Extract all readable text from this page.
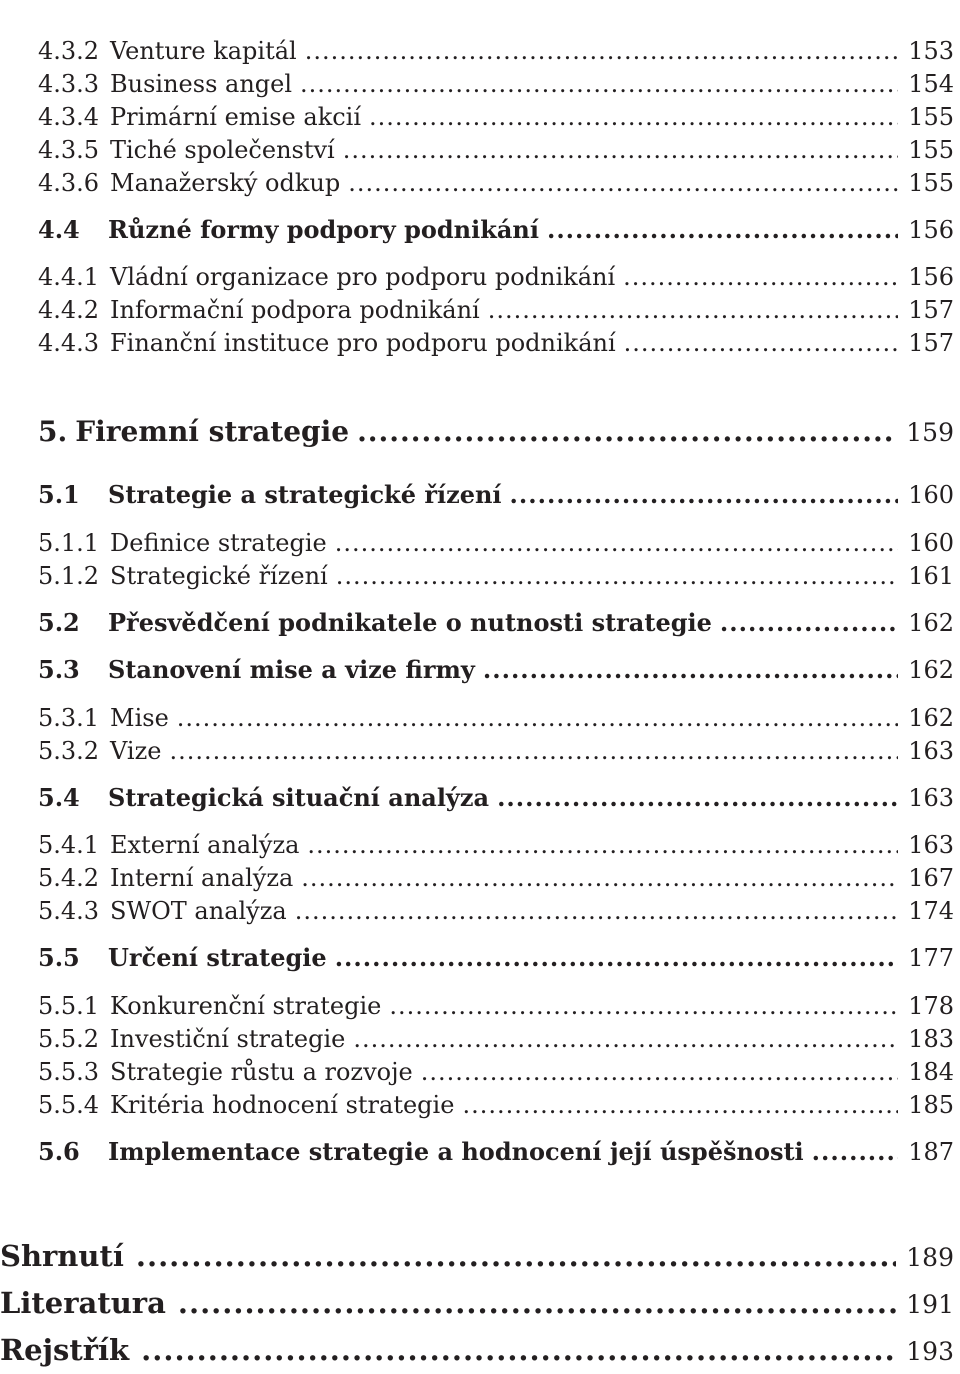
4.3.2 Venture kapitál .....	153
4.3.3 Business angel .....	154
4.3.4 Primární emise akcií .....	155
4.3.5 Tiché společenství .....	155
4.3.6 Manažerský odkup .....	155
4.4	Různé formy podpory podnikání .....	156
4.4.1 Vládní organizace pro podporu podnikání .....	156
4.4.2 Informační podpora podnikání .....	157
4.4.3 Finanční instituce pro podporu podnikání .....	157
5. Firemní strategie .....	159
5.1	Strategie a strategické řízení .....	160
5.1.1 Definice strategie .....	160
5.1.2 Strategické řízení .....	161
5.2	Přesvědčení podnikatele o nutnosti strategie .....	162
5.3	Stanovení mise a vize firmy .....	162
5.3.1 Mise .....	162
5.3.2 Vize .....	163
5.4	Strategická situační analýza .....	163
5.4.1 Externí analýza .....	163
5.4.2 Interní analýza .....	167
5.4.3 SWOT analýza .....	174
5.5	Určení strategie .....	177
5.5.1 Konkurenční strategie .....	178
5.5.2 Investiční strategie .....	183
5.5.3 Strategie růstu a rozvoje .....	184
5.5.4 Kritéria hodnocení strategie .....	185
5.6	Implementace strategie a hodnocení její úspěšnosti .....	187
Shrnutí .....	189
Literatura .....	191
Rejstřík .....	193
